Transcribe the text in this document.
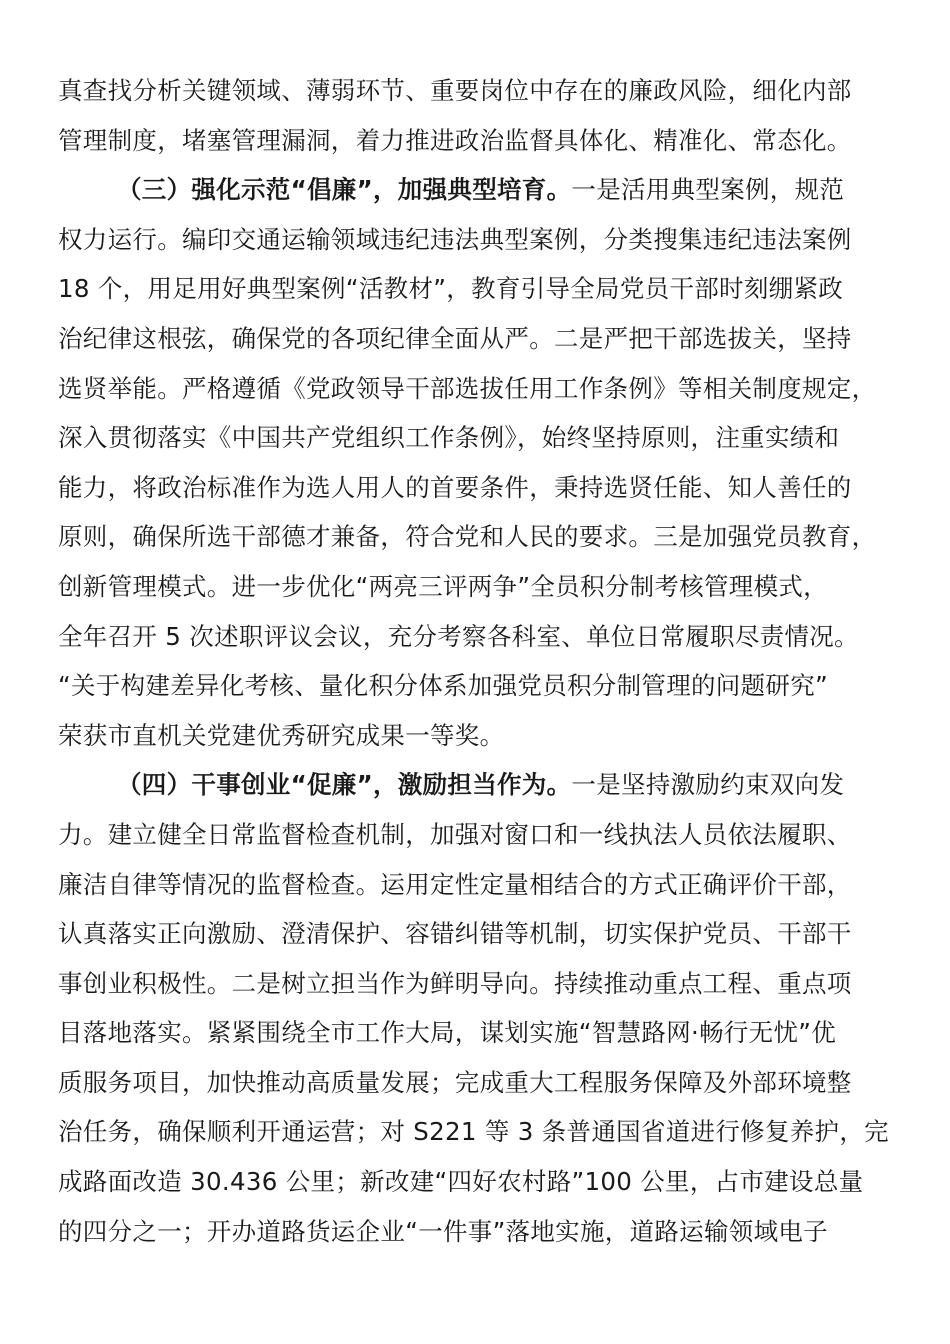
真查找分析关键领域、薄弱环节、重要岗位中存在的廉政风险，细化内部
管理制度，堵塞管理漏洞，着力推进政治监督具体化、精准化、常态化。
（三）强化示范“倡廉”，加强典型培育。一是活用典型案例，规范
权力运行。编印交通运输领域违纪违法典型案例，分类搜集违纪违法案例
18 个，用足用好典型案例“活教材”，教育引导全局党员干部时刻绷紧政
治纪律这根弦，确保党的各项纪律全面从严。二是严把干部选拔关，坚持
选贤举能。严格遵循《党政领导干部选拔任用工作条例》等相关制度规定，
深入贯彻落实《中国共产党组织工作条例》，始终坚持原则，注重实绩和
能力，将政治标准作为选人用人的首要条件，秉持选贤任能、知人善任的
原则，确保所选干部德才兼备，符合党和人民的要求。三是加强党员教育，
创新管理模式。进一步优化“两亮三评两争”全员积分制考核管理模式，
全年召开 5 次述职评议会议，充分考察各科室、单位日常履职尽责情况。
“关于构建差异化考核、量化积分体系加强党员积分制管理的问题研究”
荣获市直机关党建优秀研究成果一等奖。
（四）干事创业“促廉”，激励担当作为。一是坚持激励约束双向发
力。建立健全日常监督检查机制，加强对窗口和一线执法人员依法履职、
廉洁自律等情况的监督检查。运用定性定量相结合的方式正确评价干部，
认真落实正向激励、澄清保护、容错纠错等机制，切实保护党员、干部干
事创业积极性。二是树立担当作为鲜明导向。持续推动重点工程、重点项
目落地落实。紧紧围绕全市工作大局，谋划实施“智慧路网·畅行无忧”优
质服务项目，加快推动高质量发展；完成重大工程服务保障及外部环境整
治任务，确保顺利开通运营；对 S221 等 3 条普通国省道进行修复养护，完
成路面改造 30.436 公里；新改建“四好农村路”100 公里，占市建设总量
的四分之一；开办道路货运企业“一件事”落地实施，道路运输领域电子
